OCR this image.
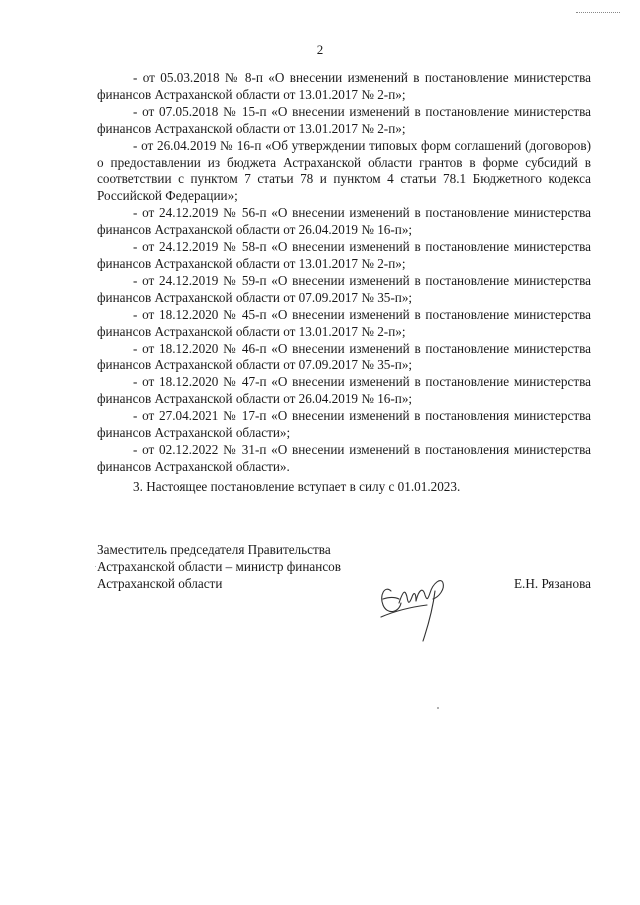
2

- от 05.03.2018 № 8-п «О внесении изменений в постановление министерства финансов Астраханской области от 13.01.2017 № 2-п»;

- от 07.05.2018 № 15-п «О внесении изменений в постановление министерства финансов Астраханской области от 13.01.2017 № 2-п»;

- от 26.04.2019 № 16-п «Об утверждении типовых форм соглашений (договоров) о предоставлении из бюджета Астраханской области грантов в форме субсидий в соответствии с пунктом 7 статьи 78 и пунктом 4 статьи 78.1 Бюджетного кодекса Российской Федерации»;

- от 24.12.2019 № 56-п «О внесении изменений в постановление министерства финансов Астраханской области от 26.04.2019 № 16-п»;

- от 24.12.2019 № 58-п «О внесении изменений в постановление министерства финансов Астраханской области от 13.01.2017 № 2-п»;

- от 24.12.2019 № 59-п «О внесении изменений в постановление министерства финансов Астраханской области от 07.09.2017 № 35-п»;

- от 18.12.2020 № 45-п «О внесении изменений в постановление министерства финансов Астраханской области от 13.01.2017 № 2-п»;

- от 18.12.2020 № 46-п «О внесении изменений в постановление министерства финансов Астраханской области от 07.09.2017 № 35-п»;

- от 18.12.2020 № 47-п «О внесении изменений в постановление министерства финансов Астраханской области от 26.04.2019 № 16-п»;

- от 27.04.2021 № 17-п «О внесении изменений в постановления министерства финансов Астраханской области»;

- от 02.12.2022 № 31-п «О внесении изменений в постановления министерства финансов Астраханской области».

3. Настоящее постановление вступает в силу с 01.01.2023.

Заместитель председателя Правительства
Астраханской области – министр финансов
Астраханской области	Е.Н. Рязанова
